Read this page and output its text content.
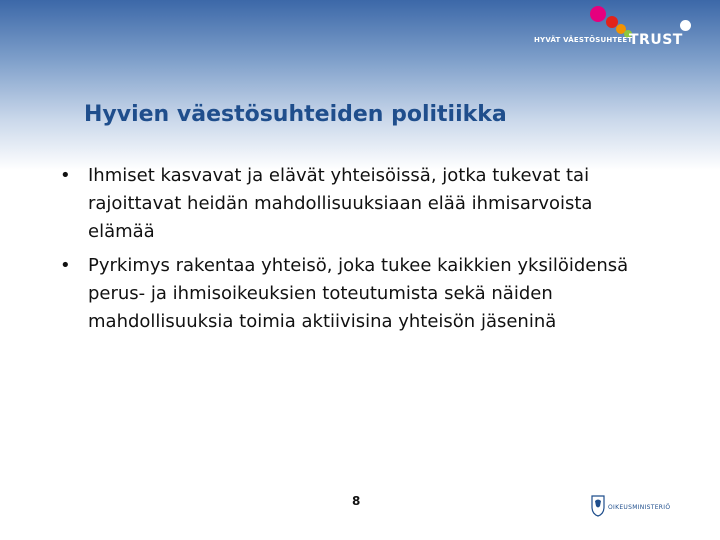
HYVÄT VÄESTÖSUHTEET
TRUST
Hyvien väestösuhteiden politiikka
• Ihmiset kasvavat ja elävät yhteisöissä, jotka tukevat tai rajoittavat heidän mahdollisuuksiaan elää ihmisarvoista elämää
• Pyrkimys rakentaa yhteisö, joka tukee kaikkien yksilöidensä perus- ja ihmisoikeuksien toteutumista sekä näiden mahdollisuuksia toimia aktiivisina yhteisön jäseninä
8	OIKEUSMINISTERIÖ
